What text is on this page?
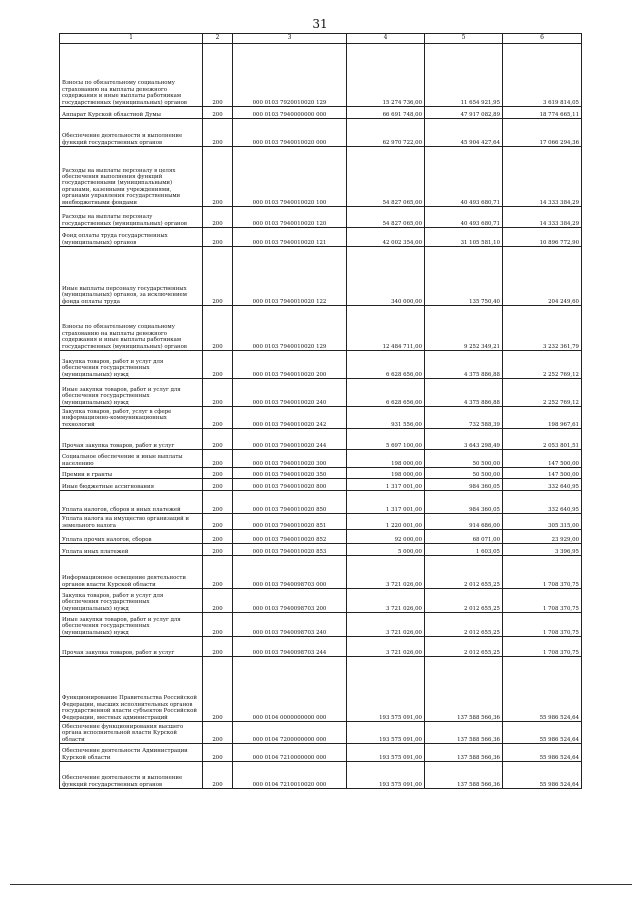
31
1	2	3	4	5	6
Взносы по обязательному социальному страхованию на выплаты денежного содержания и иные выплаты работникам государственных (муниципальных) органов	200	000 0103 7920010020 129	15 274 736,00	11 654 921,95	3 619 814,05
Аппарат Курской областной Думы	200	000 0103 7940000000 000	66 691 748,00	47 917 082,89	18 774 665,11
Обеспечение деятельности и выполнение функций государственных органов	200	000 0103 7940010020 000	62 970 722,00	45 904 427,64	17 066 294,36
Расходы на выплаты персоналу в целях обеспечения выполнения функций государственными (муниципальными) органами, казенными учреждениями, органами управления государственными внебюджетными фондами	200	000 0103 7940010020 100	54 827 065,00	40 493 680,71	14 333 384,29
Расходы на выплаты персоналу государственных (муниципальных) органов	200	000 0103 7940010020 120	54 827 065,00	40 493 680,71	14 333 384,29
Фонд оплаты труда государственных (муниципальных) органов	200	000 0103 7940010020 121	42 002 354,00	31 105 581,10	10 896 772,90
Иные выплаты персоналу государственных (муниципальных) органов, за исключением фонда оплаты труда	200	000 0103 7940010020 122	340 000,00	135 750,40	204 249,60
Взносы по обязательному социальному страхованию на выплаты денежного содержания и иные выплаты работникам государственных (муниципальных) органов	200	000 0103 7940010020 129	12 484 711,00	9 252 349,21	3 232 361,79
Закупка товаров, работ и услуг для обеспечения государственных (муниципальных) нужд	200	000 0103 7940010020 200	6 628 656,00	4 375 886,88	2 252 769,12
Иные закупки товаров, работ и услуг для обеспечения государственных (муниципальных) нужд	200	000 0103 7940010020 240	6 628 656,00	4 375 886,88	2 252 769,12
Закупка товаров, работ, услуг в сфере информационно-коммуникационных технологий	200	000 0103 7940010020 242	931 556,00	732 588,39	198 967,61
Прочая закупка товаров, работ и услуг	200	000 0103 7940010020 244	5 697 100,00	3 643 298,49	2 053 801,51
Социальное обеспечение и иные выплаты населению	200	000 0103 7940010020 300	198 000,00	50 500,00	147 500,00
Премии и гранты	200	000 0103 7940010020 350	198 000,00	50 500,00	147 500,00
Иные бюджетные ассигнования	200	000 0103 7940010020 800	1 317 001,00	984 360,05	332 640,95
Уплата налогов, сборов и иных платежей	200	000 0103 7940010020 850	1 317 001,00	984 360,05	332 640,95
Уплата налога на имущество организаций и земельного налога	200	000 0103 7940010020 851	1 220 001,00	914 686,00	305 315,00
Уплата прочих налогов, сборов	200	000 0103 7940010020 852	92 000,00	68 071,00	23 929,00
Уплата иных платежей	200	000 0103 7940010020 853	5 000,00	1 603,05	3 396,95
Информационное освещение деятельности органов власти Курской области	200	000 0103 7940098703 000	3 721 026,00	2 012 655,25	1 708 370,75
Закупка товаров, работ и услуг для обеспечения государственных (муниципальных) нужд	200	000 0103 7940098703 200	3 721 026,00	2 012 655,25	1 708 370,75
Иные закупки товаров, работ и услуг для обеспечения государственных (муниципальных) нужд	200	000 0103 7940098703 240	3 721 026,00	2 012 655,25	1 708 370,75
Прочая закупка товаров, работ и услуг	200	000 0103 7940098703 244	3 721 026,00	2 012 655,25	1 708 370,75
Функционирование Правительства Российской Федерации, высших исполнительных органов государственной власти субъектов Российской Федерации, местных администраций	200	000 0104 0000000000 000	193 575 091,00	137 588 566,36	55 986 524,64
Обеспечение функционирования высшего органа исполнительной власти Курской области	200	000 0104 7200000000 000	193 575 091,00	137 588 566,36	55 986 524,64
Обеспечение деятельности Администрации Курской области	200	000 0104 7210000000 000	193 575 091,00	137 588 566,36	55 986 524,64
Обеспечение деятельности и выполнение функций государственных органов	200	000 0104 7210010020 000	193 575 091,00	137 588 566,36	55 986 524,64
